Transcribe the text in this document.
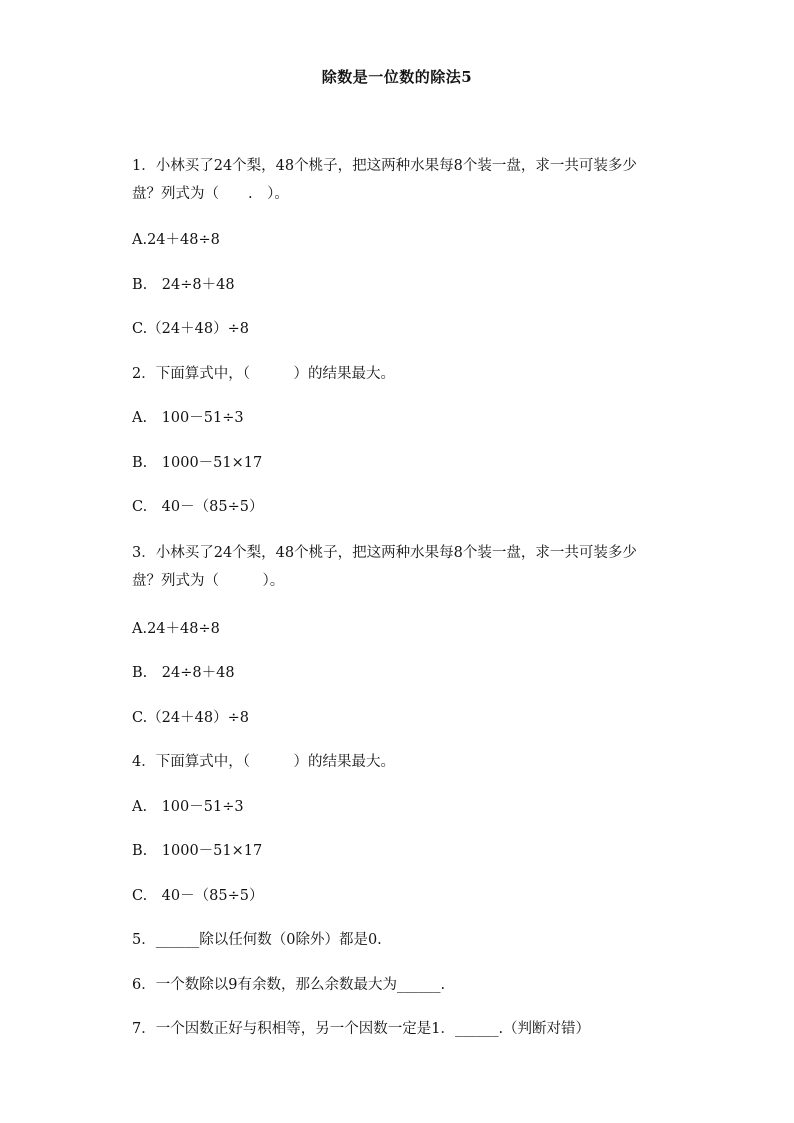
除数是一位数的除法5
1．小林买了24个梨，48个桃子，把这两种水果每8个装一盘，求一共可装多少盘？列式为（　　.　）。
A.24＋48÷8
B.　24÷8＋48
C.（24＋48）÷8
2．下面算式中，（　　　）的结果最大。
A.　100－51÷3
B.　1000－51×17
C.　40－（85÷5）
3．小林买了24个梨，48个桃子，把这两种水果每8个装一盘，求一共可装多少盘？列式为（　　　）。
A.24＋48÷8
B.　24÷8＋48
C.（24＋48）÷8
4．下面算式中，（　　　）的结果最大。
A.　100－51÷3
B.　1000－51×17
C.　40－（85÷5）
5．______除以任何数（0除外）都是0.
6．一个数除以9有余数，那么余数最大为______.
7．一个因数正好与积相等，另一个因数一定是1．______.（判断对错）
